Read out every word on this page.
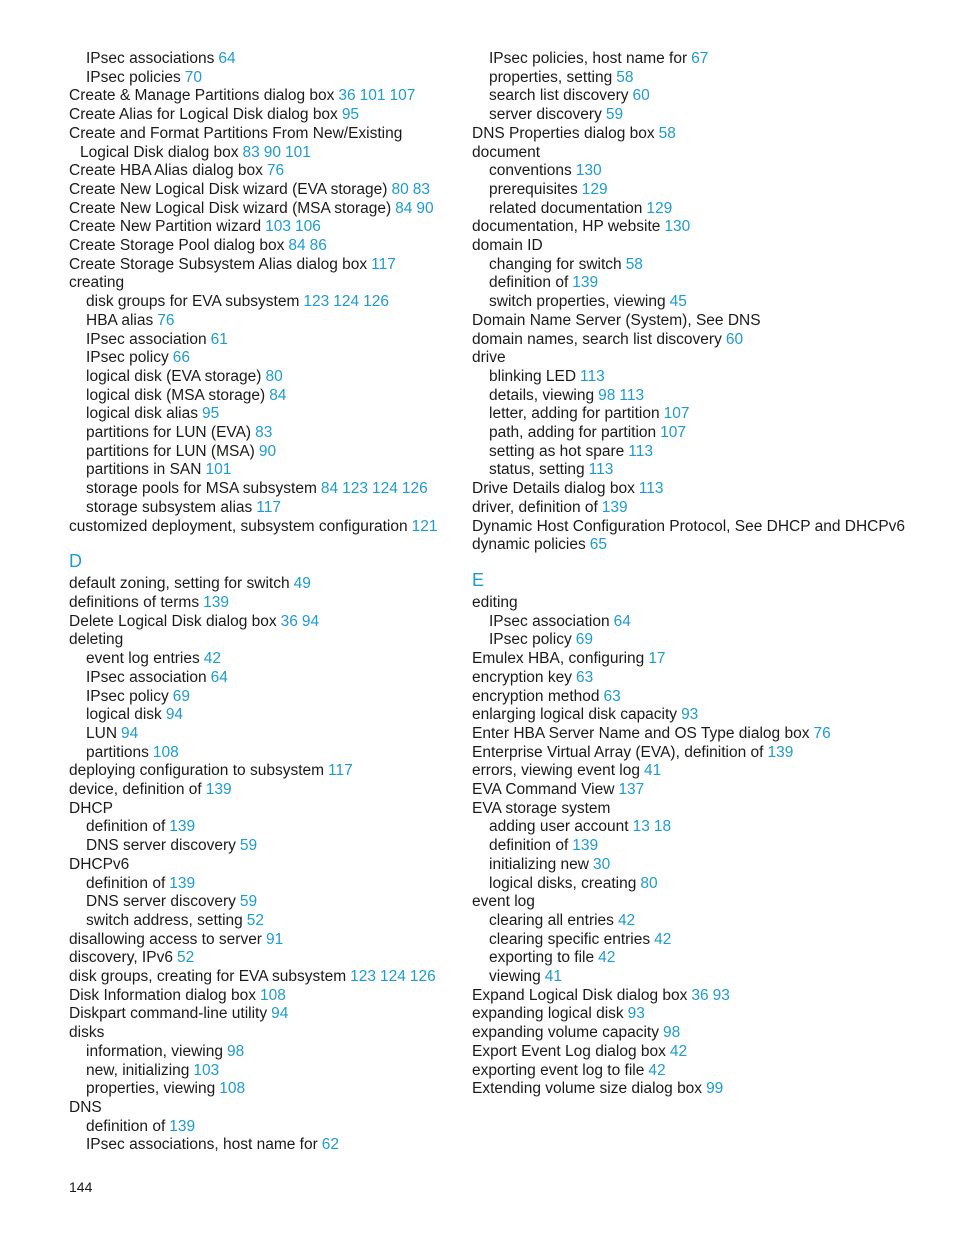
IPsec associations 64
IPsec policies 70
Create & Manage Partitions dialog box 36 101 107
Create Alias for Logical Disk dialog box 95
Create and Format Partitions From New/Existing Logical Disk dialog box 83 90 101
Create HBA Alias dialog box 76
Create New Logical Disk wizard (EVA storage) 80 83
Create New Logical Disk wizard (MSA storage) 84 90
Create New Partition wizard 103 106
Create Storage Pool dialog box 84 86
Create Storage Subsystem Alias dialog box 117
creating
disk groups for EVA subsystem 123 124 126
HBA alias 76
IPsec association 61
IPsec policy 66
logical disk (EVA storage) 80
logical disk (MSA storage) 84
logical disk alias 95
partitions for LUN (EVA) 83
partitions for LUN (MSA) 90
partitions in SAN 101
storage pools for MSA subsystem 84 123 124 126
storage subsystem alias 117
customized deployment, subsystem configuration 121
D
default zoning, setting for switch 49
definitions of terms 139
Delete Logical Disk dialog box 36 94
deleting
event log entries 42
IPsec association 64
IPsec policy 69
logical disk 94
LUN 94
partitions 108
deploying configuration to subsystem 117
device, definition of 139
DHCP
definition of 139
DNS server discovery 59
DHCPv6
definition of 139
DNS server discovery 59
switch address, setting 52
disallowing access to server 91
discovery, IPv6 52
disk groups, creating for EVA subsystem 123 124 126
Disk Information dialog box 108
Diskpart command-line utility 94
disks
information, viewing 98
new, initializing 103
properties, viewing 108
DNS
definition of 139
IPsec associations, host name for 62
IPsec policies, host name for 67
properties, setting 58
search list discovery 60
server discovery 59
DNS Properties dialog box 58
document
conventions 130
prerequisites 129
related documentation 129
documentation, HP website 130
domain ID
changing for switch 58
definition of 139
switch properties, viewing 45
Domain Name Server (System), See DNS
domain names, search list discovery 60
drive
blinking LED 113
details, viewing 98 113
letter, adding for partition 107
path, adding for partition 107
setting as hot spare 113
status, setting 113
Drive Details dialog box 113
driver, definition of 139
Dynamic Host Configuration Protocol, See DHCP and DHCPv6
dynamic policies 65
E
editing
IPsec association 64
IPsec policy 69
Emulex HBA, configuring 17
encryption key 63
encryption method 63
enlarging logical disk capacity 93
Enter HBA Server Name and OS Type dialog box 76
Enterprise Virtual Array (EVA), definition of 139
errors, viewing event log 41
EVA Command View 137
EVA storage system
adding user account 13 18
definition of 139
initializing new 30
logical disks, creating 80
event log
clearing all entries 42
clearing specific entries 42
exporting to file 42
viewing 41
Expand Logical Disk dialog box 36 93
expanding logical disk 93
expanding volume capacity 98
Export Event Log dialog box 42
exporting event log to file 42
Extending volume size dialog box 99
144
